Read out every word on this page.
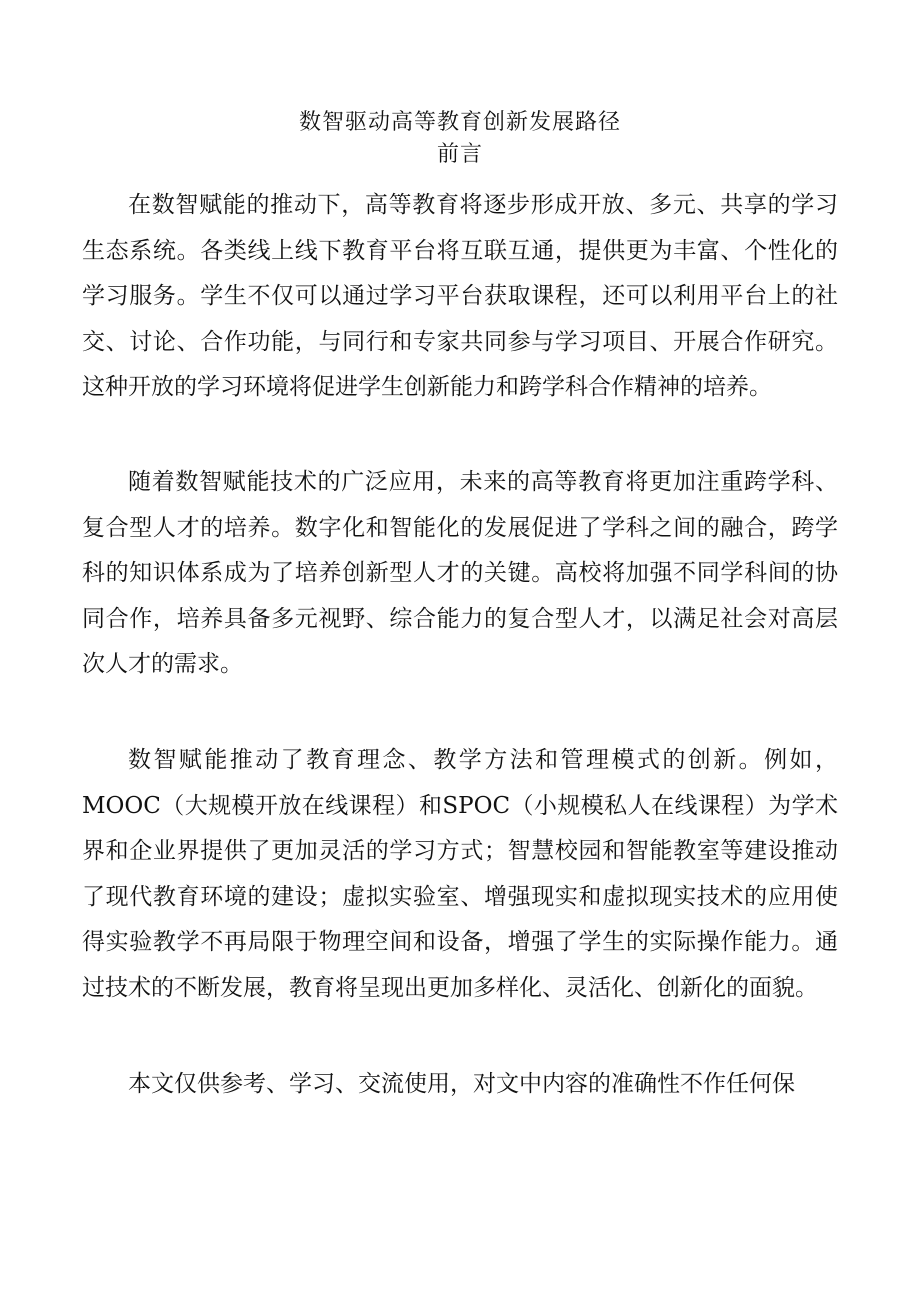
数智驱动高等教育创新发展路径
前言

在数智赋能的推动下，高等教育将逐步形成开放、多元、共享的学习生态系统。各类线上线下教育平台将互联互通，提供更为丰富、个性化的学习服务。学生不仅可以通过学习平台获取课程，还可以利用平台上的社交、讨论、合作功能，与同行和专家共同参与学习项目、开展合作研究。这种开放的学习环境将促进学生创新能力和跨学科合作精神的培养。

随着数智赋能技术的广泛应用，未来的高等教育将更加注重跨学科、复合型人才的培养。数字化和智能化的发展促进了学科之间的融合，跨学科的知识体系成为了培养创新型人才的关键。高校将加强不同学科间的协同合作，培养具备多元视野、综合能力的复合型人才，以满足社会对高层次人才的需求。

数智赋能推动了教育理念、教学方法和管理模式的创新。例如，MOOC（大规模开放在线课程）和SPOC（小规模私人在线课程）为学术界和企业界提供了更加灵活的学习方式；智慧校园和智能教室等建设推动了现代教育环境的建设；虚拟实验室、增强现实和虚拟现实技术的应用使得实验教学不再局限于物理空间和设备，增强了学生的实际操作能力。通过技术的不断发展，教育将呈现出更加多样化、灵活化、创新化的面貌。

本文仅供参考、学习、交流使用，对文中内容的准确性不作任何保
